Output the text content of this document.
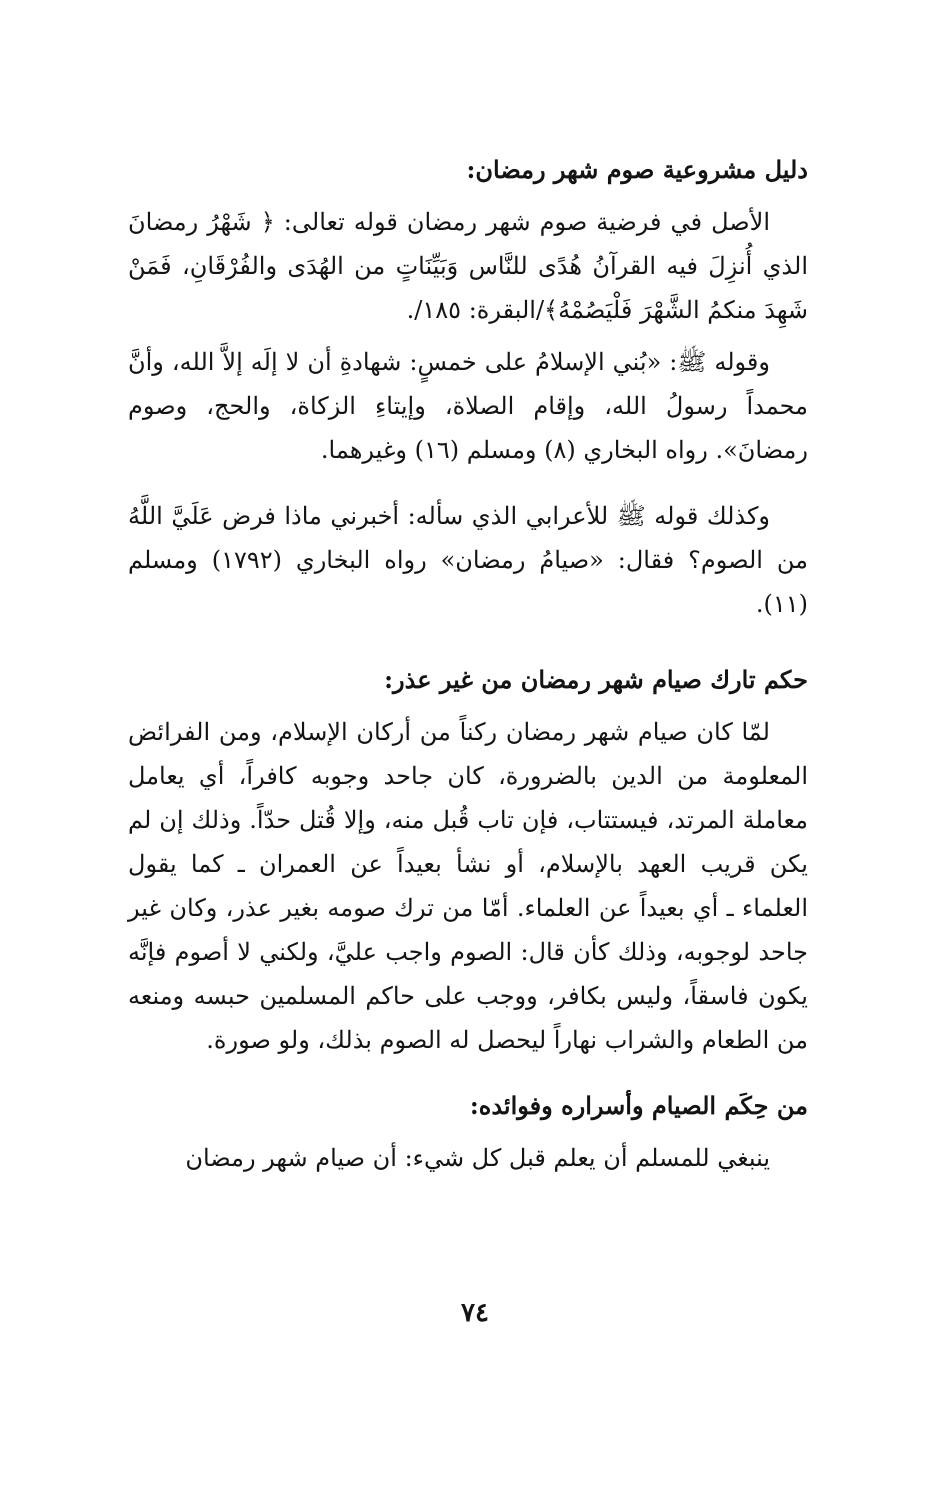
دليل مشروعية صوم شهر رمضان:

الأصل في فرضية صوم شهر رمضان قوله تعالى: ﴿ شَهْرُ رمضانَ الذي أُنزِلَ فيه القرآنُ هُدًى للنَّاس وَبَيِّنَاتٍ من الهُدَى والفُرْقَانِ، فَمَنْ شَهِدَ منكمُ الشَّهْرَ فَلْيَصُمْهُ﴾/البقرة: ١٨٥/.

وقوله ﷺ: «بُني الإسلامُ على خمسٍ: شهادةِ أن لا إلَه إلاَّ الله، وأنَّ محمداً رسولُ الله، وإقام الصلاة، وإيتاءِ الزكاة، والحج، وصوم رمضانَ». رواه البخاري (٨) ومسلم (١٦) وغيرهما.

وكذلك قوله ﷺ للأعرابي الذي سأله: أخبرني ماذا فرض عَلَيَّ اللَّهُ من الصوم؟ فقال: «صيامُ رمضان» رواه البخاري (١٧٩٢) ومسلم (١١).

حكم تارك صيام شهر رمضان من غير عذر:

لمّا كان صيام شهر رمضان ركناً من أركان الإسلام، ومن الفرائض المعلومة من الدين بالضرورة، كان جاحد وجوبه كافراً، أي يعامل معاملة المرتد، فيستتاب، فإن تاب قُبل منه، وإلا قُتل حدّاً. وذلك إن لم يكن قريب العهد بالإسلام، أو نشأ بعيداً عن العمران ـ كما يقول العلماء ـ أي بعيداً عن العلماء. أمّا من ترك صومه بغير عذر، وكان غير جاحد لوجوبه، وذلك كأن قال: الصوم واجب عليَّ، ولكني لا أصوم فإنَّه يكون فاسقاً، وليس بكافر، ووجب على حاكم المسلمين حبسه ومنعه من الطعام والشراب نهاراً ليحصل له الصوم بذلك، ولو صورة.

من حِكَم الصيام وأسراره وفوائده:

ينبغي للمسلم أن يعلم قبل كل شيء: أن صيام شهر رمضان

٧٤
